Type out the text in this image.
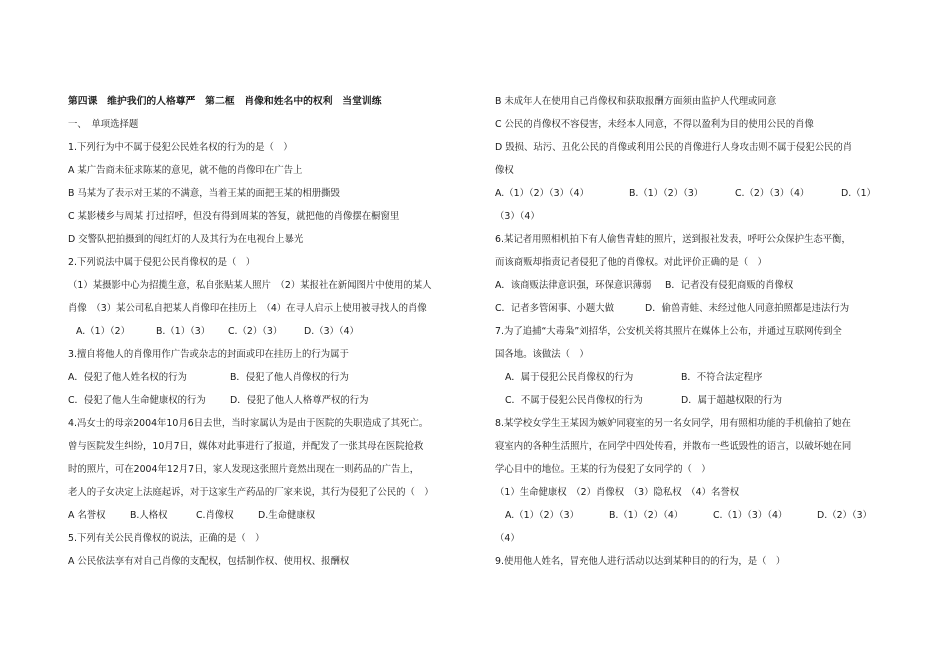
第四课　维护我们的人格尊严　第二框　肖像和姓名中的权利　当堂训练
一、　单项选择题
1.下列行为中不属于侵犯公民姓名权的行为的是（　）
A 某广告商未征求陈某的意见，就不他的肖像印在广告上
B 马某为了表示对王某的不满意，当着王某的面把王某的相册撕毁
C 某影楼乡与周某 打过招呼，但没有得到周某的答复，就把他的肖像摆在橱窗里
D 交警队把拍摄到的闯红灯的人及其行为在电视台上暴光
2.下列说法中属于侵犯公民肖像权的是（　）
（1）某摄影中心为招揽生意，私自张贴某人照片　（2）某报社在新闻图片中使用的某人
肖像　（3）某公司私自把某人肖像印在挂历上　（4）在寻人启示上使用被寻找人的肖像
A.（1）（2）	B.（1）（3） C.（2）（3） D.（3）（4）
3.擅自将他人的肖像用作广告或杂志的封面或印在挂历上的行为属于
A．侵犯了他人姓名权的行为	B．侵犯了他人肖像权的行为
C．侵犯了他人生命健康权的行为	D．侵犯了他人人格尊严权的行为
4.冯女士的母亲2004年10月6日去世，当时家属认为是由于医院的失职造成了其死亡。
曾与医院发生纠纷，10月7日，媒体对此事进行了报道，并配发了一张其母在医院抢救
时的照片，可在2004年12月7日，家人发现这张照片竟然出现在一则药品的广告上，
老人的子女决定上法庭起诉，对于这家生产药品的厂家来说，其行为侵犯了公民的（　）
A 名誉权	B.人格权	C.肖像权	D.生命健康权
5.下列有关公民肖像权的说法，正确的是（　）
A 公民依法享有对自己肖像的支配权，包括制作权、使用权、报酬权
B 未成年人在使用自己肖像权和获取报酬方面须由监护人代理或同意
C 公民的肖像权不容侵害，未经本人同意，不得以盈利为目的使用公民的肖像
D 毁损、玷污、丑化公民的肖像或利用公民的肖像进行人身攻击则不属于侵犯公民的肖
像权
A.（1）（2）（3）（4）	B.（1）（2）（3）	C.（2）（3）（4）	D.（1）
（3）（4）
6.某记者用照相机拍下有人偷售青蛙的照片，送到报社发表，呼吁公众保护生态平衡，
而该商贩却指责记者侵犯了他的肖像权。对此评价正确的是（　）
A．该商贩法律意识强，环保意识薄弱 B．记者没有侵犯商贩的肖像权
C．记者多管闲事、小题大做	D．偷兽青蛙、未经过他人同意拍照都是违法行为
7.为了追捕“大毒枭”刘招华，公安机关将其照片在媒体上公布，并通过互联网传到全
国各地。该做法（　）
A．属于侵犯公民肖像权的行为	B．不符合法定程序
C．不属于侵犯公民肖像权的行为	D．属于超越权限的行为
8.某学校女学生王某因为嫉妒同寝室的另一名女同学，用有照相功能的手机偷拍了她在
寝室内的各种生活照片，在同学中四处传看，并散布一些诋毁性的语言，以破坏她在同
学心目中的地位。王某的行为侵犯了女同学的（　）
（1）生命健康权　（2）肖像权　（3）隐私权　（4）名誉权
A.（1）（2）（3）	B.（1）（2）（4）	C.（1）（3）（4）	D.（2）（3）
（4）
9.使用他人姓名，冒充他人进行活动以达到某种目的的行为，是（　）
